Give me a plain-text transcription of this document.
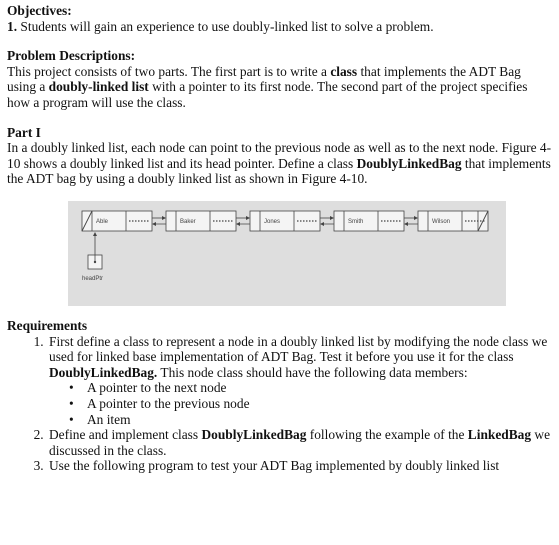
Objectives:

1. Students will gain an experience to use doubly-linked list to solve a problem.

Problem Descriptions:

This project consists of two parts. The first part is to write a class that implements the ADT Bag using a doubly-linked list with a pointer to its first node. The second part of the project specifies how a program will use the class.

Part I

In a doubly linked list, each node can point to the previous node as well as to the next node. Figure 4-10 shows a doubly linked list and its head pointer. Define a class DoublyLinkedBag that implements the ADT bag by using a doubly linked list as shown in Figure 4-10.

Able	Baker	Jones	Smith	Wilson
headPtr
Requirements
1. First define a class to represent a node in a doubly linked list by modifying the node class we used for linked base implementation of ADT Bag. Test it before you use it for the class DoublyLinkedBag. This node class should have the following data members:
• A pointer to the next node
• A pointer to the previous node
• An item
2. Define and implement class DoublyLinkedBag following the example of the LinkedBag we discussed in the class.
3. Use the following program to test your ADT Bag implemented by doubly linked list
